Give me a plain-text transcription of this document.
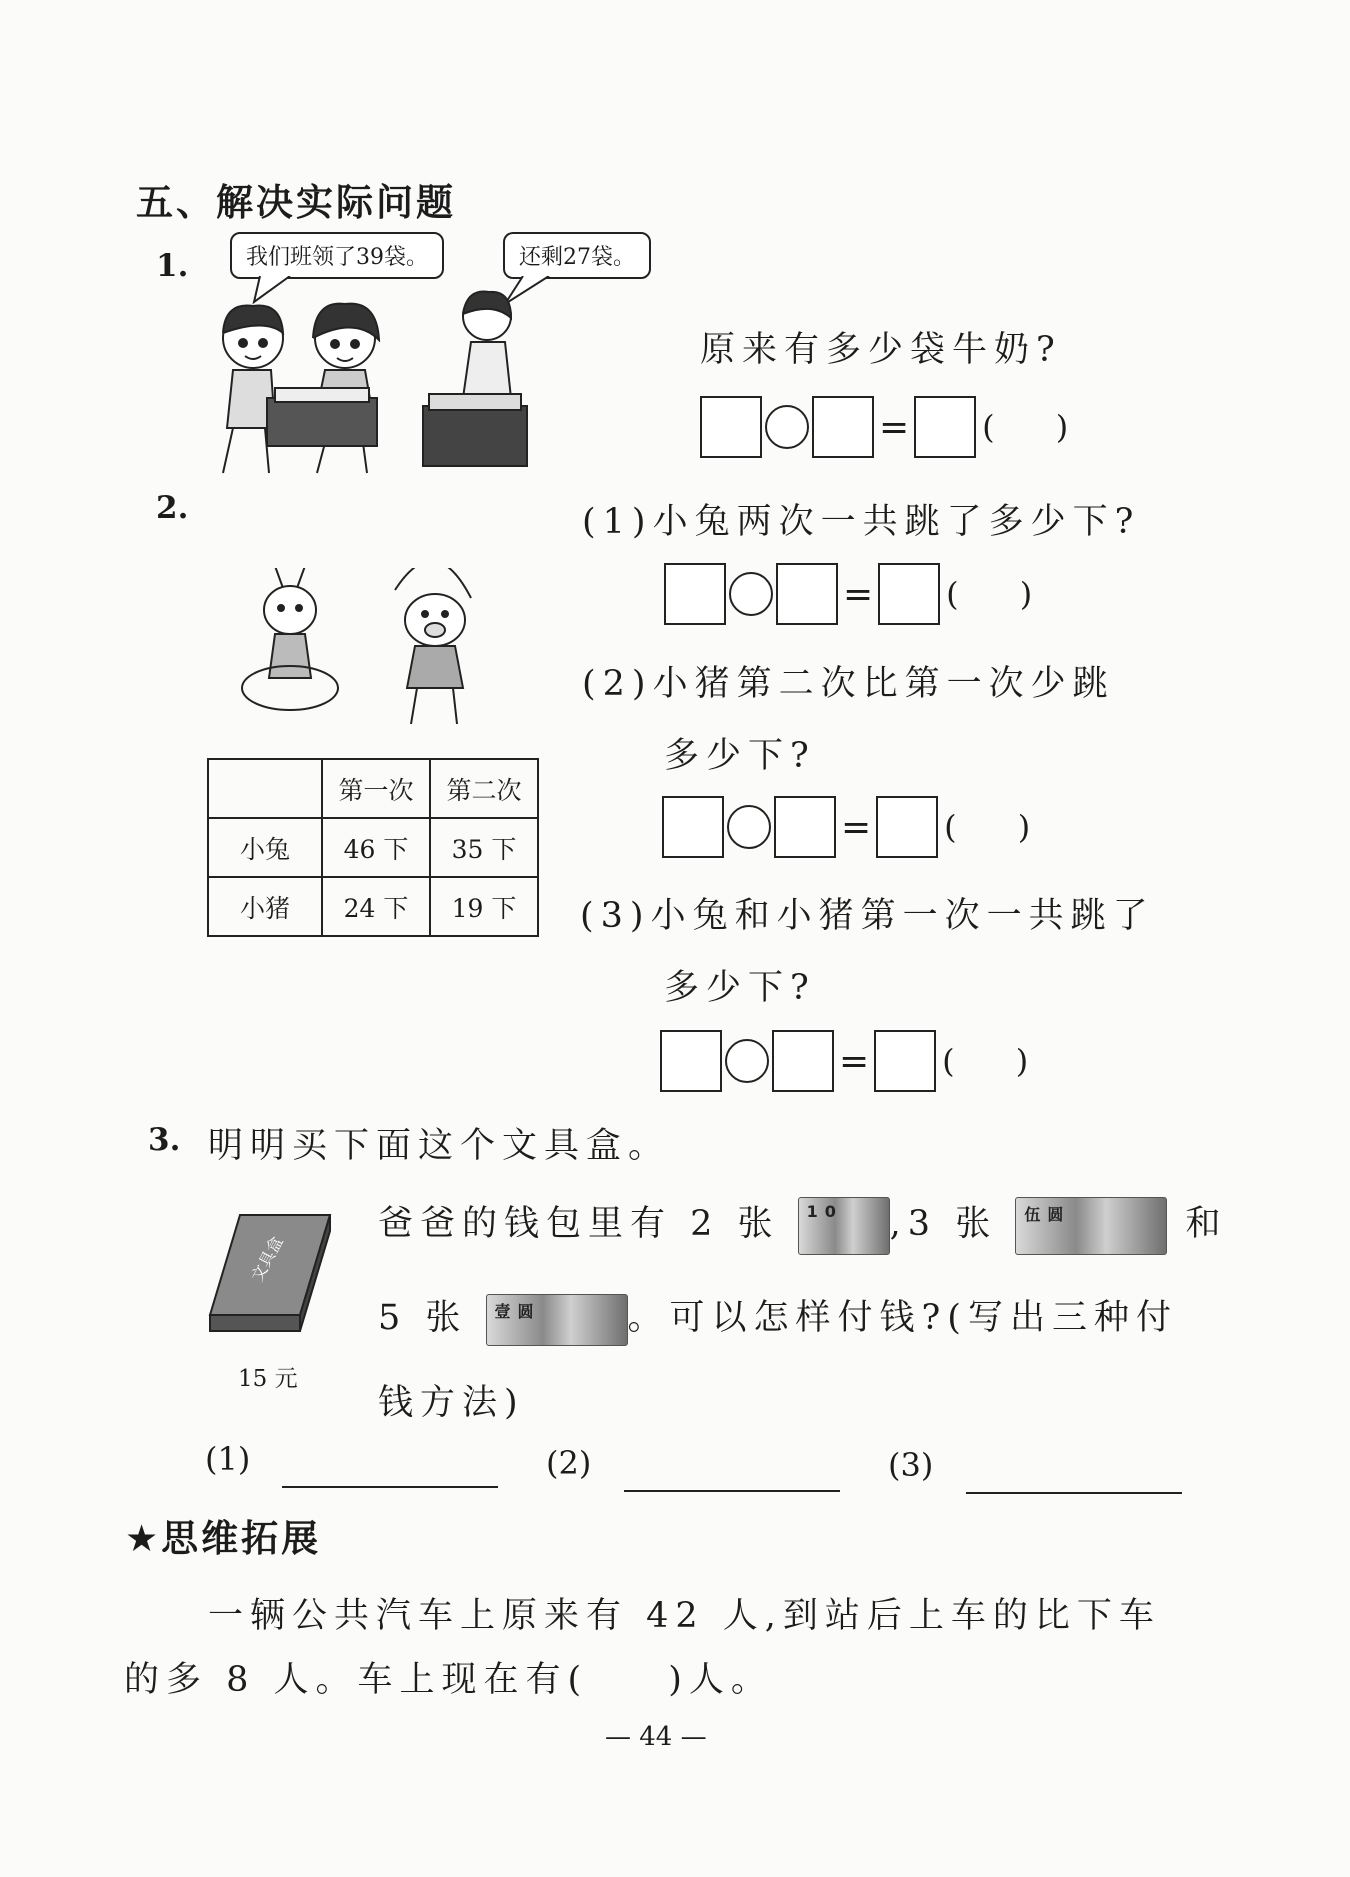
五、解决实际问题
1.	我们班领了39袋。	还剩27袋。
原来有多少袋牛奶?
= (      )
2.
	第一次	第二次
小兔	46 下	35 下
小猪	24 下	19 下
(1)小兔两次一共跳了多少下?
= (      )
(2)小猪第二次比第一次少跳
多少下?
= (      )
(3)小兔和小猪第一次一共跳了
多少下?
= (      )
3. 明明买下面这个文具盒。
文具盒
15 元
爸爸的钱包里有 2 张 10 ,3 张 伍圆	和
5 张 壹圆 。可以怎样付钱?(写出三种付
钱方法)
(1)	(2)	(3)
★思维拓展
一辆公共汽车上原来有 42 人,到站后上车的比下车
的多 8 人。车上现在有( )人。
— 44 —
